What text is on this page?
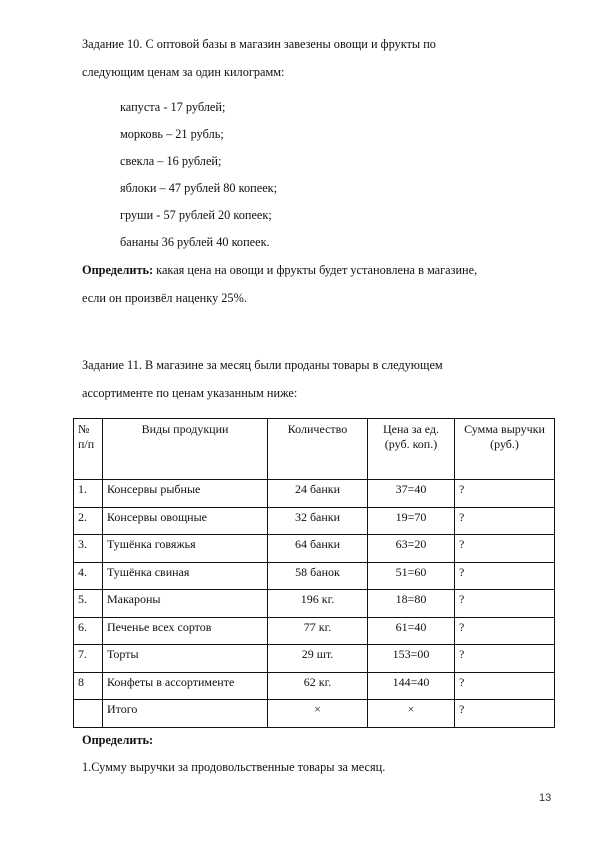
Задание 10. С оптовой базы в магазин завезены овощи и фрукты по
следующим ценам за один килограмм:
капуста - 17 рублей;
морковь – 21 рубль;
свекла – 16 рублей;
яблоки – 47 рублей 80 копеек;
груши - 57 рублей 20 копеек;
бананы 36 рублей 40 копеек.
Определить: какая цена на овощи и фрукты будет установлена в магазине,
если он произвёл наценку 25%.
Задание 11. В магазине за месяц были проданы товары в следующем
ассортименте по ценам указанным ниже:
№ п/п	Виды продукции	Количество	Цена за ед. (руб. коп.)	Сумма выручки (руб.)
1.	Консервы рыбные	24 банки	37=40	?
2.	Консервы овощные	32 банки	19=70	?
3.	Тушёнка говяжья	64 банки	63=20	?
4.	Тушёнка свиная	58 банок	51=60	?
5.	Макароны	196 кг.	18=80	?
6.	Печенье всех сортов	77 кг.	61=40	?
7.	Торты	29 шт.	153=00	?
8	Конфеты в ассортименте	62 кг.	144=40	?
	Итого	×	×	?
Определить:
1.Сумму выручки за продовольственные товары за месяц.
13
